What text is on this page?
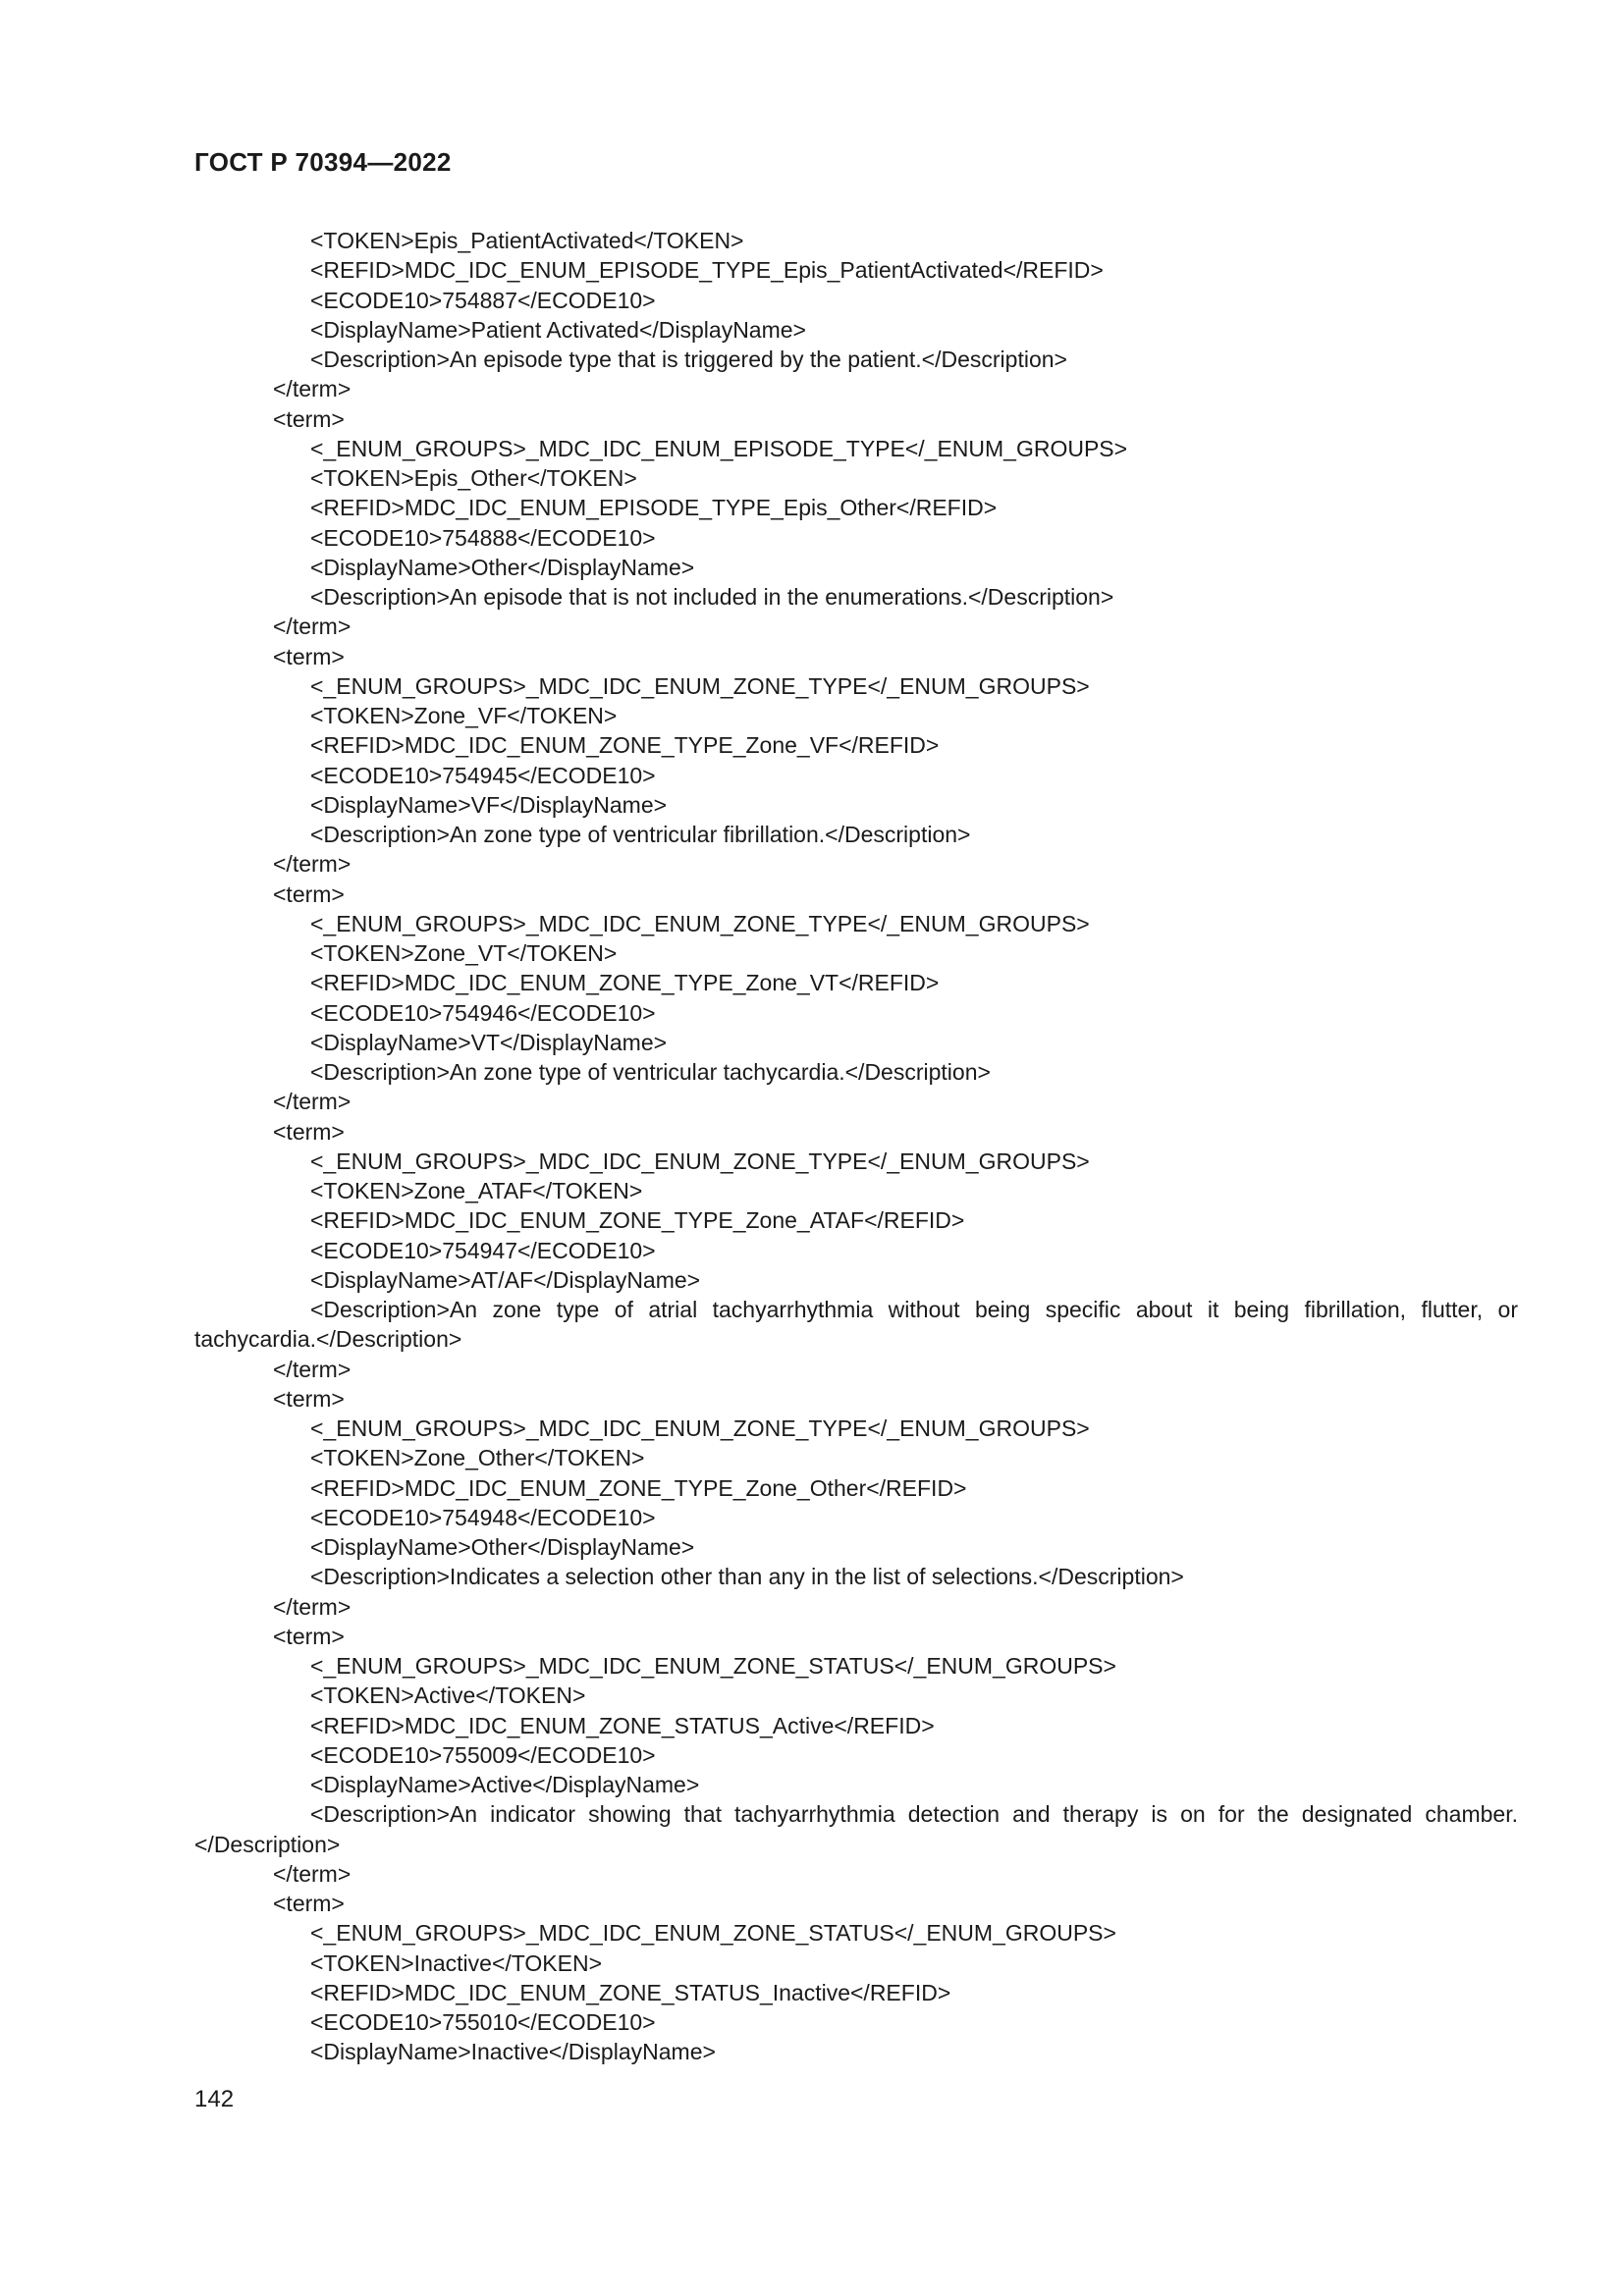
ГОСТ Р 70394—2022
<TOKEN>Epis_PatientActivated</TOKEN>
<REFID>MDC_IDC_ENUM_EPISODE_TYPE_Epis_PatientActivated</REFID>
<ECODE10>754887</ECODE10>
<DisplayName>Patient Activated</DisplayName>
<Description>An episode type that is triggered by the patient.</Description>
</term>
<term>
<_ENUM_GROUPS>_MDC_IDC_ENUM_EPISODE_TYPE</_ENUM_GROUPS>
<TOKEN>Epis_Other</TOKEN>
<REFID>MDC_IDC_ENUM_EPISODE_TYPE_Epis_Other</REFID>
<ECODE10>754888</ECODE10>
<DisplayName>Other</DisplayName>
<Description>An episode that is not included in the enumerations.</Description>
</term>
<term>
<_ENUM_GROUPS>_MDC_IDC_ENUM_ZONE_TYPE</_ENUM_GROUPS>
<TOKEN>Zone_VF</TOKEN>
<REFID>MDC_IDC_ENUM_ZONE_TYPE_Zone_VF</REFID>
<ECODE10>754945</ECODE10>
<DisplayName>VF</DisplayName>
<Description>An zone type of ventricular fibrillation.</Description>
</term>
<term>
<_ENUM_GROUPS>_MDC_IDC_ENUM_ZONE_TYPE</_ENUM_GROUPS>
<TOKEN>Zone_VT</TOKEN>
<REFID>MDC_IDC_ENUM_ZONE_TYPE_Zone_VT</REFID>
<ECODE10>754946</ECODE10>
<DisplayName>VT</DisplayName>
<Description>An zone type of ventricular tachycardia.</Description>
</term>
<term>
<_ENUM_GROUPS>_MDC_IDC_ENUM_ZONE_TYPE</_ENUM_GROUPS>
<TOKEN>Zone_ATAF</TOKEN>
<REFID>MDC_IDC_ENUM_ZONE_TYPE_Zone_ATAF</REFID>
<ECODE10>754947</ECODE10>
<DisplayName>AT/AF</DisplayName>
<Description>An zone type of atrial tachyarrhythmia without being specific about it being fibrillation, flutter, or tachycardia.</Description>
</term>
<term>
<_ENUM_GROUPS>_MDC_IDC_ENUM_ZONE_TYPE</_ENUM_GROUPS>
<TOKEN>Zone_Other</TOKEN>
<REFID>MDC_IDC_ENUM_ZONE_TYPE_Zone_Other</REFID>
<ECODE10>754948</ECODE10>
<DisplayName>Other</DisplayName>
<Description>Indicates a selection other than any in the list of selections.</Description>
</term>
<term>
<_ENUM_GROUPS>_MDC_IDC_ENUM_ZONE_STATUS</_ENUM_GROUPS>
<TOKEN>Active</TOKEN>
<REFID>MDC_IDC_ENUM_ZONE_STATUS_Active</REFID>
<ECODE10>755009</ECODE10>
<DisplayName>Active</DisplayName>
<Description>An indicator showing that tachyarrhythmia detection and therapy is on for the designated chamber.</Description>
</term>
<term>
<_ENUM_GROUPS>_MDC_IDC_ENUM_ZONE_STATUS</_ENUM_GROUPS>
<TOKEN>Inactive</TOKEN>
<REFID>MDC_IDC_ENUM_ZONE_STATUS_Inactive</REFID>
<ECODE10>755010</ECODE10>
<DisplayName>Inactive</DisplayName>
142
